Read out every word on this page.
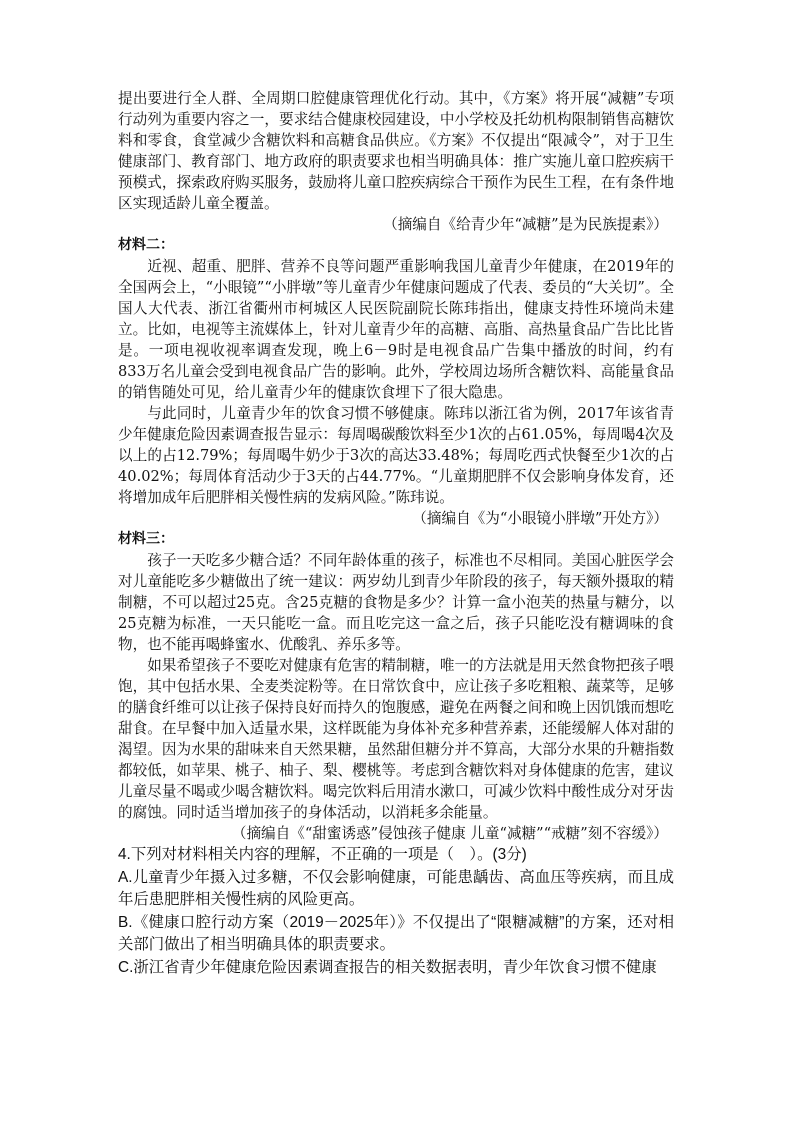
提出要进行全人群、全周期口腔健康管理优化行动。其中，《方案》将开展“减糖”专项行动列为重要内容之一，要求结合健康校园建设，中小学校及托幼机构限制销售高糖饮料和零食，食堂减少含糖饮料和高糖食品供应。《方案》不仅提出“限减令”，对于卫生健康部门、教育部门、地方政府的职责要求也相当明确具体：推广实施儿童口腔疾病干预模式，探索政府购买服务，鼓励将儿童口腔疾病综合干预作为民生工程，在有条件地区实现适龄儿童全覆盖。

（摘编自《给青少年“减糖”是为民族提素》）

材料二：

近视、超重、肥胖、营养不良等问题严重影响我国儿童青少年健康，在2019年的全国两会上，“小眼镜”“小胖墩”等儿童青少年健康问题成了代表、委员的“大关切”。全国人大代表、浙江省衢州市柯城区人民医院副院长陈玮指出，健康支持性环境尚未建立。比如，电视等主流媒体上，针对儿童青少年的高糖、高脂、高热量食品广告比比皆是。一项电视收视率调查发现，晚上6－9时是电视食品广告集中播放的时间，约有833万名儿童会受到电视食品广告的影响。此外，学校周边场所含糖饮料、高能量食品的销售随处可见，给儿童青少年的健康饮食埋下了很大隐患。

与此同时，儿童青少年的饮食习惯不够健康。陈玮以浙江省为例，2017年该省青少年健康危险因素调查报告显示：每周喝碳酸饮料至少1次的占61.05%，每周喝4次及以上的占12.79%；每周喝牛奶少于3次的高达33.48%；每周吃西式快餐至少1次的占40.02%；每周体育活动少于3天的占44.77%。“儿童期肥胖不仅会影响身体发育，还将增加成年后肥胖相关慢性病的发病风险。”陈玮说。

（摘编自《为“小眼镜小胖墩”开处方》）

材料三：

孩子一天吃多少糖合适？不同年龄体重的孩子，标准也不尽相同。美国心脏医学会对儿童能吃多少糖做出了统一建议：两岁幼儿到青少年阶段的孩子，每天额外摄取的精制糖，不可以超过25克。含25克糖的食物是多少？计算一盒小泡芙的热量与糖分，以25克糖为标准，一天只能吃一盒。而且吃完这一盒之后，孩子只能吃没有糖调味的食物，也不能再喝蜂蜜水、优酸乳、养乐多等。

如果希望孩子不要吃对健康有危害的精制糖，唯一的方法就是用天然食物把孩子喂饱，其中包括水果、全麦类淀粉等。在日常饮食中，应让孩子多吃粗粮、蔬菜等，足够的膳食纤维可以让孩子保持良好而持久的饱腹感，避免在两餐之间和晚上因饥饿而想吃甜食。在早餐中加入适量水果，这样既能为身体补充多种营养素，还能缓解人体对甜的渴望。因为水果的甜味来自天然果糖，虽然甜但糖分并不算高，大部分水果的升糖指数都较低，如苹果、桃子、柚子、梨、樱桃等。考虑到含糖饮料对身体健康的危害，建议儿童尽量不喝或少喝含糖饮料。喝完饮料后用清水漱口，可减少饮料中酸性成分对牙齿的腐蚀。同时适当增加孩子的身体活动，以消耗多余能量。

（摘编自《“甜蜜诱惑”侵蚀孩子健康 儿童“减糖”“戒糖”刻不容缓》）

4.下列对材料相关内容的理解，不正确的一项是（　）。(3分)

A.儿童青少年摄入过多糖，不仅会影响健康，可能患龋齿、高血压等疾病，而且成年后患肥胖相关慢性病的风险更高。

B.《健康口腔行动方案（2019－2025年）》不仅提出了“限糖减糖”的方案，还对相关部门做出了相当明确具体的职责要求。

C.浙江省青少年健康危险因素调查报告的相关数据表明，青少年饮食习惯不健康
